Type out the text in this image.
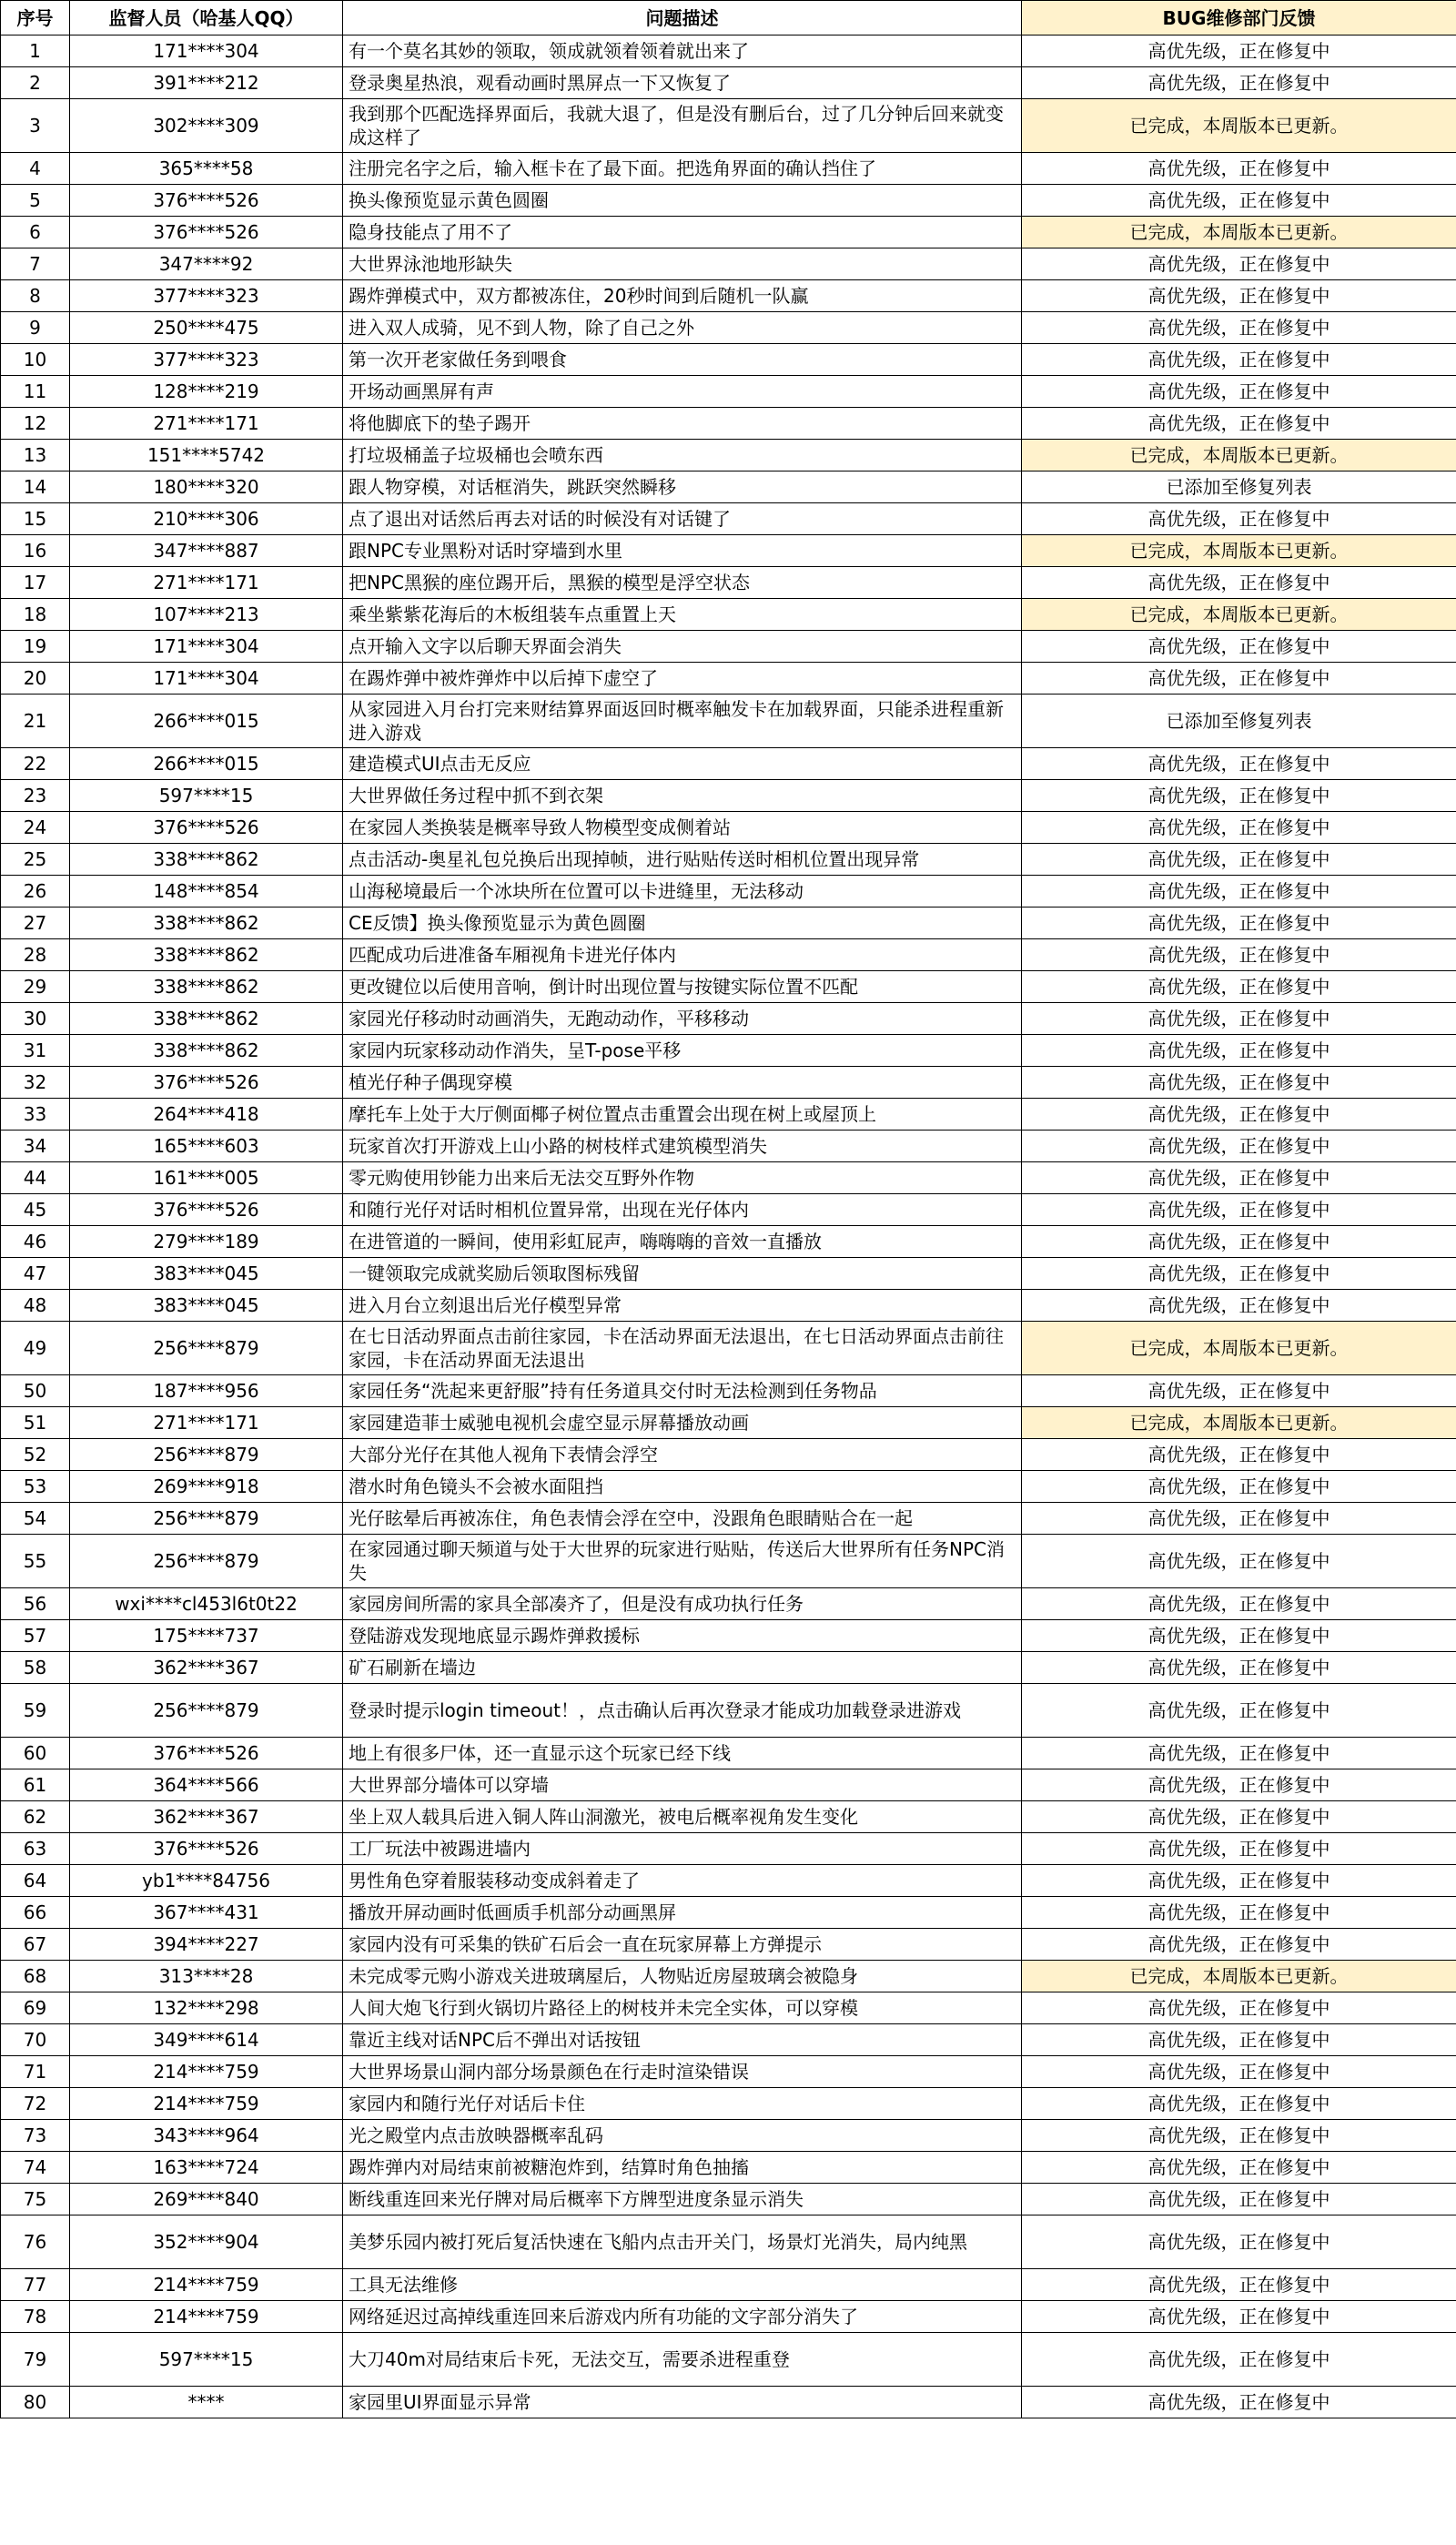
序号	监督人员（哈基人QQ）	问题描述	BUG维修部门反馈
1	171****304	有一个莫名其妙的领取，领成就领着领着就出来了	高优先级，正在修复中
2	391****212	登录奥星热浪，观看动画时黑屏点一下又恢复了	高优先级，正在修复中
3	302****309	我到那个匹配选择界面后，我就大退了，但是没有删后台，过了几分钟后回来就变成这样了	已完成，本周版本已更新。
4	365****58	注册完名字之后，输入框卡在了最下面。把选角界面的确认挡住了	高优先级，正在修复中
5	376****526	换头像预览显示黄色圆圈	高优先级，正在修复中
6	376****526	隐身技能点了用不了	已完成，本周版本已更新。
7	347****92	大世界泳池地形缺失	高优先级，正在修复中
8	377****323	踢炸弹模式中，双方都被冻住，20秒时间到后随机一队赢	高优先级，正在修复中
9	250****475	进入双人成骑，见不到人物，除了自己之外	高优先级，正在修复中
10	377****323	第一次开老家做任务到喂食	高优先级，正在修复中
11	128****219	开场动画黑屏有声	高优先级，正在修复中
12	271****171	将他脚底下的垫子踢开	高优先级，正在修复中
13	151****5742	打垃圾桶盖子垃圾桶也会喷东西	已完成，本周版本已更新。
14	180****320	跟人物穿模，对话框消失，跳跃突然瞬移	已添加至修复列表
15	210****306	点了退出对话然后再去对话的时候没有对话键了	高优先级，正在修复中
16	347****887	跟NPC专业黑粉对话时穿墙到水里	已完成，本周版本已更新。
17	271****171	把NPC黑猴的座位踢开后，黑猴的模型是浮空状态	高优先级，正在修复中
18	107****213	乘坐紫紫花海后的木板组装车点重置上天	已完成，本周版本已更新。
19	171****304	点开输入文字以后聊天界面会消失	高优先级，正在修复中
20	171****304	在踢炸弹中被炸弹炸中以后掉下虚空了	高优先级，正在修复中
21	266****015	从家园进入月台打完来财结算界面返回时概率触发卡在加载界面，只能杀进程重新进入游戏	已添加至修复列表
22	266****015	建造模式UI点击无反应	高优先级，正在修复中
23	597****15	大世界做任务过程中抓不到衣架	高优先级，正在修复中
24	376****526	在家园人类换装是概率导致人物模型变成侧着站	高优先级，正在修复中
25	338****862	点击活动-奥星礼包兑换后出现掉帧，进行贴贴传送时相机位置出现异常	高优先级，正在修复中
26	148****854	山海秘境最后一个冰块所在位置可以卡进缝里，无法移动	高优先级，正在修复中
27	338****862	CE反馈】换头像预览显示为黄色圆圈	高优先级，正在修复中
28	338****862	匹配成功后进准备车厢视角卡进光仔体内	高优先级，正在修复中
29	338****862	更改键位以后使用音响，倒计时出现位置与按键实际位置不匹配	高优先级，正在修复中
30	338****862	家园光仔移动时动画消失，无跑动动作，平移移动	高优先级，正在修复中
31	338****862	家园内玩家移动动作消失，呈T-pose平移	高优先级，正在修复中
32	376****526	植光仔种子偶现穿模	高优先级，正在修复中
33	264****418	摩托车上处于大厅侧面椰子树位置点击重置会出现在树上或屋顶上	高优先级，正在修复中
34	165****603	玩家首次打开游戏上山小路的树枝样式建筑模型消失	高优先级，正在修复中
44	161****005	零元购使用钞能力出来后无法交互野外作物	高优先级，正在修复中
45	376****526	和随行光仔对话时相机位置异常，出现在光仔体内	高优先级，正在修复中
46	279****189	在进管道的一瞬间，使用彩虹屁声，嗨嗨嗨的音效一直播放	高优先级，正在修复中
47	383****045	一键领取完成就奖励后领取图标残留	高优先级，正在修复中
48	383****045	进入月台立刻退出后光仔模型异常	高优先级，正在修复中
49	256****879	在七日活动界面点击前往家园，卡在活动界面无法退出，在七日活动界面点击前往家园，卡在活动界面无法退出	已完成，本周版本已更新。
50	187****956	家园任务“洗起来更舒服”持有任务道具交付时无法检测到任务物品	高优先级，正在修复中
51	271****171	家园建造菲士威驰电视机会虚空显示屏幕播放动画	已完成，本周版本已更新。
52	256****879	大部分光仔在其他人视角下表情会浮空	高优先级，正在修复中
53	269****918	潜水时角色镜头不会被水面阻挡	高优先级，正在修复中
54	256****879	光仔眩晕后再被冻住，角色表情会浮在空中，没跟角色眼睛贴合在一起	高优先级，正在修复中
55	256****879	在家园通过聊天频道与处于大世界的玩家进行贴贴，传送后大世界所有任务NPC消失	高优先级，正在修复中
56	wxi****cl453l6t0t22	家园房间所需的家具全部凑齐了，但是没有成功执行任务	高优先级，正在修复中
57	175****737	登陆游戏发现地底显示踢炸弹救援标	高优先级，正在修复中
58	362****367	矿石刷新在墙边	高优先级，正在修复中
59	256****879	登录时提示login timeout！，点击确认后再次登录才能成功加载登录进游戏	高优先级，正在修复中
60	376****526	地上有很多尸体，还一直显示这个玩家已经下线	高优先级，正在修复中
61	364****566	大世界部分墙体可以穿墙	高优先级，正在修复中
62	362****367	坐上双人载具后进入铜人阵山洞激光，被电后概率视角发生变化	高优先级，正在修复中
63	376****526	工厂玩法中被踢进墙内	高优先级，正在修复中
64	yb1****84756	男性角色穿着服装移动变成斜着走了	高优先级，正在修复中
66	367****431	播放开屏动画时低画质手机部分动画黑屏	高优先级，正在修复中
67	394****227	家园内没有可采集的铁矿石后会一直在玩家屏幕上方弹提示	高优先级，正在修复中
68	313****28	未完成零元购小游戏关进玻璃屋后，人物贴近房屋玻璃会被隐身	已完成，本周版本已更新。
69	132****298	人间大炮飞行到火锅切片路径上的树枝并未完全实体，可以穿模	高优先级，正在修复中
70	349****614	靠近主线对话NPC后不弹出对话按钮	高优先级，正在修复中
71	214****759	大世界场景山洞内部分场景颜色在行走时渲染错误	高优先级，正在修复中
72	214****759	家园内和随行光仔对话后卡住	高优先级，正在修复中
73	343****964	光之殿堂内点击放映器概率乱码	高优先级，正在修复中
74	163****724	踢炸弹内对局结束前被糖泡炸到，结算时角色抽搐	高优先级，正在修复中
75	269****840	断线重连回来光仔牌对局后概率下方牌型进度条显示消失	高优先级，正在修复中
76	352****904	美梦乐园内被打死后复活快速在飞船内点击开关门，场景灯光消失，局内纯黑	高优先级，正在修复中
77	214****759	工具无法维修	高优先级，正在修复中
78	214****759	网络延迟过高掉线重连回来后游戏内所有功能的文字部分消失了	高优先级，正在修复中
79	597****15	大刀40m对局结束后卡死，无法交互，需要杀进程重登	高优先级，正在修复中
80	****	家园里UI界面显示异常	高优先级，正在修复中
